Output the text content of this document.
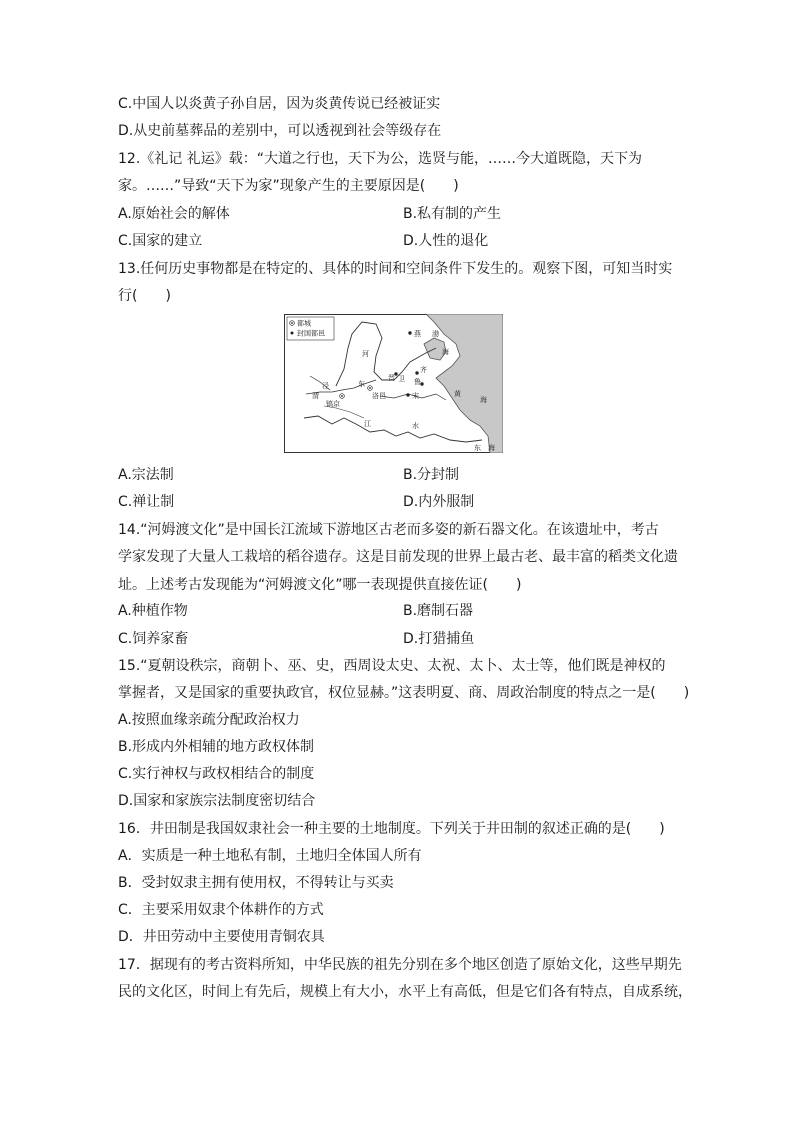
C.中国人以炎黄子孙自居，因为炎黄传说已经被证实
D.从史前墓葬品的差别中，可以透视到社会等级存在
12.《礼记 礼运》载：“大道之行也，天下为公，选贤与能，……今大道既隐，天下为
家。……”导致“天下为家”现象产生的主要原因是(　　)
A.原始社会的解体	B.私有制的产生
C.国家的建立	D.人性的退化
13.任何历史事物都是在特定的、具体的时间和空间条件下发生的。观察下图，可知当时实
行(　　)
都城
封国都邑	燕 渤
海
河
晋 卫
齐
鲁
黄
海
泾
渭
东
镐京
洛邑	宋
江	水
东　海
A.宗法制	B.分封制
C.禅让制	D.内外服制
14.“河姆渡文化”是中国长江流域下游地区古老而多姿的新石器文化。在该遗址中，考古
学家发现了大量人工栽培的稻谷遗存。这是目前发现的世界上最古老、最丰富的稻类文化遗
址。上述考古发现能为“河姆渡文化”哪一表现提供直接佐证(　　)
A.种植作物	B.磨制石器
C.饲养家畜	D.打猎捕鱼
15.“夏朝设秩宗，商朝卜、巫、史，西周设太史、太祝、太卜、太士等，他们既是神权的
掌握者，又是国家的重要执政官，权位显赫。”这表明夏、商、周政治制度的特点之一是(　　)
A.按照血缘亲疏分配政治权力
B.形成内外相辅的地方政权体制
C.实行神权与政权相结合的制度
D.国家和家族宗法制度密切结合
16．井田制是我国奴隶社会一种主要的土地制度。下列关于井田制的叙述正确的是(　　)
A．实质是一种土地私有制，土地归全体国人所有
B．受封奴隶主拥有使用权，不得转让与买卖
C．主要采用奴隶个体耕作的方式
D．井田劳动中主要使用青铜农具
17．据现有的考古资料所知，中华民族的祖先分别在多个地区创造了原始文化，这些早期先
民的文化区，时间上有先后，规模上有大小，水平上有高低，但是它们各有特点，自成系统，
